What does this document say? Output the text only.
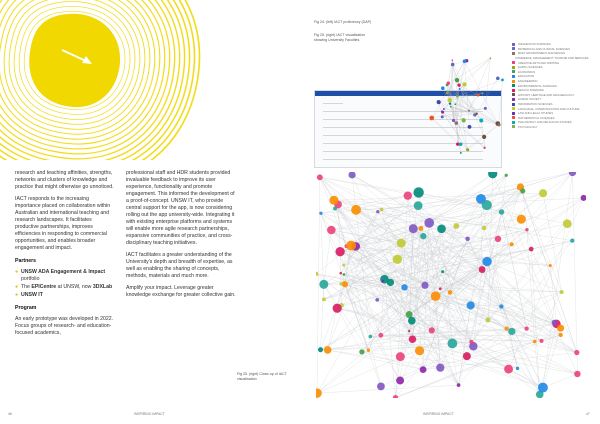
research and teaching affinities, strengths, networks and clusters of knowledge and practice that might otherwise go unnoticed.

IACT responds to the increasing importance placed on collaboration within Australian and international teaching and research landscapes. It facilitates productive partnerships, improves efficiencies in responding to commercial opportunities, and enables broader engagement and impact.

Partners
● UNSW ADA Engagement & Impact portfolio
● The EPICentre at UNSW, now 3DXLab
● UNSW IT
Program

An early prototype was developed in 2022. Focus groups of research- and education-focused academics,

professional staff and HDR students provided invaluable feedback to improve its user experience, functionality and promote engagement. This informed the development of a proof-of-concept. UNSW IT, who provide central support for the app, is now considering rolling out the app university-wide. Integrating it with existing enterprise platforms and systems will enable more agile research partnerships, expansive communities of practice, and cross-disciplinary teaching initiatives.

IACT facilitates a greater understanding of the University's depth and breadth of expertise, as well as enabling the sharing of concepts, methods, materials and much more.

Amplify your impact. Leverage greater knowledge exchange for greater collective gain.

46	INSPIRING IMPACT
Fig 24. (left) IACT proficiency (DAP)
Fig 25. (right) IACT visualisation showing University Faculties
INDIGENOUS SCIENCES
BIOMEDICAL AND CLINICAL SCIENCES
BUILT ENVIRONMENT AND DESIGN
COMMERCE, MANAGEMENT, TOURISM AND SERVICES
CREATIVE ARTS AND WRITING
EARTH SCIENCES
ECONOMICS
EDUCATION
ENGINEERING
ENVIRONMENTAL SCIENCES
HEALTH SCIENCES
HISTORY, HERITAGE AND ARCHAEOLOGY
HUMAN SOCIETY
INFORMATION SCIENCES
LANGUAGE, COMMUNICATION AND CULTURE
LAW AND LEGAL STUDIES
MATHEMATICAL SCIENCES
PHILOSOPHY AND RELIGIOUS STUDIES
PSYCHOLOGY
Fig 25. (right) Close-up of IACT visualisation
INSPIRING IMPACT	47
